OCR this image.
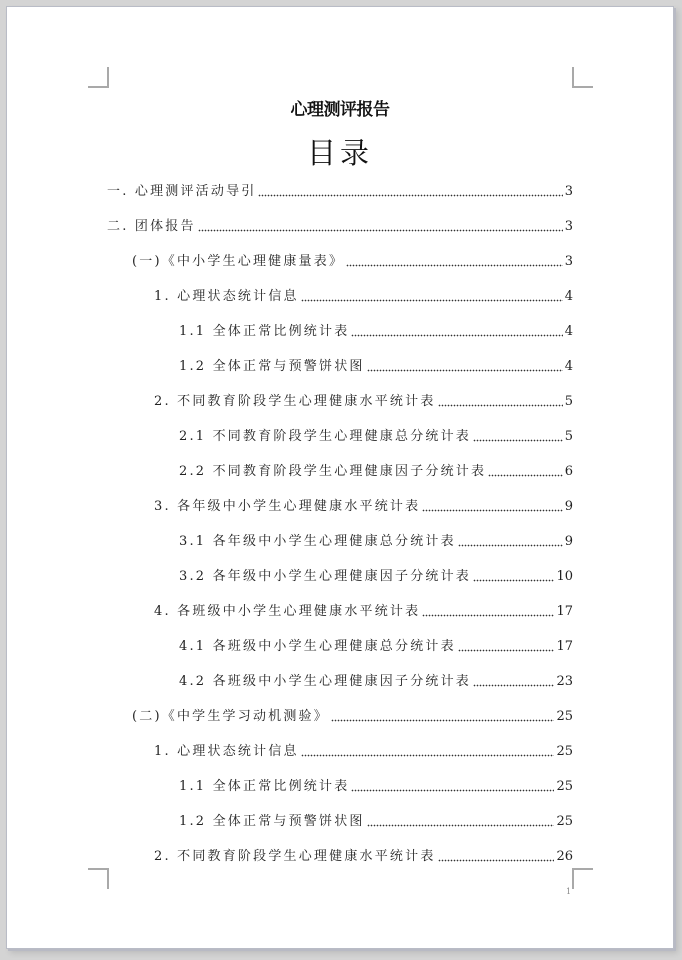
心理测评报告
目录
一. 心理测评活动导引	3
二. 团体报告	3
(一)《中小学生心理健康量表》	3
1. 心理状态统计信息	4
1.1 全体正常比例统计表	4
1.2 全体正常与预警饼状图	4
2. 不同教育阶段学生心理健康水平统计表	5
2.1 不同教育阶段学生心理健康总分统计表	5
2.2 不同教育阶段学生心理健康因子分统计表	6
3. 各年级中小学生心理健康水平统计表	9
3.1 各年级中小学生心理健康总分统计表	9
3.2 各年级中小学生心理健康因子分统计表	10
4. 各班级中小学生心理健康水平统计表	17
4.1 各班级中小学生心理健康总分统计表	17
4.2 各班级中小学生心理健康因子分统计表	23
(二)《中学生学习动机测验》	25
1. 心理状态统计信息	25
1.1 全体正常比例统计表	25
1.2 全体正常与预警饼状图	25
2. 不同教育阶段学生心理健康水平统计表	26
1
